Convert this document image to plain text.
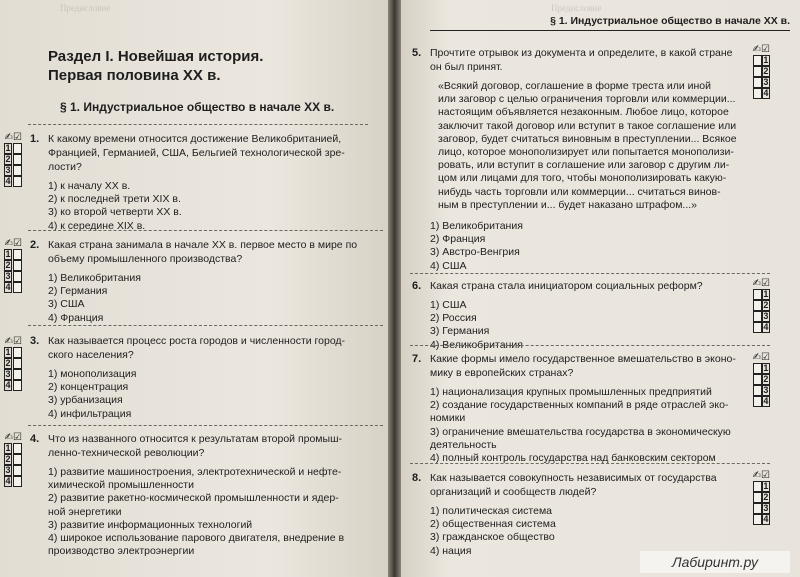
Предисловие
Раздел I. Новейшая история.
Первая половина XX в.
§ 1. Индустриальное общество в начале XX в.
Предисловие
§ 1. Индустриальное общество в начале XX в.
1. К какому времени относится достижение Великобританией,
Францией, Германией, США, Бельгией технологической зре-
лости?
1) к началу XX в.
2) к последней трети XIX в.
3) ко второй четверти XX в.
4) к середине XIX в.
✍☑
1
2
3
4
2. Какая страна занимала в начале XX в. первое место в мире по
объему промышленного производства?
1) Великобритания
2) Германия
3) США
4) Франция
✍☑
1
2
3
4
3. Как называется процесс роста городов и численности город-
ского населения?
1) монополизация
2) концентрация
3) урбанизация
4) инфильтрация
✍☑
1
2
3
4
4. Что из названного относится к результатам второй промыш-
ленно-технической революции?
1) развитие машиностроения, электротехнической и нефте-
химической промышленности
2) развитие ракетно-космической промышленности и ядер-
ной энергетики
3) развитие информационных технологий
4) широкое использование парового двигателя, внедрение в
производство электроэнергии
✍☑
1
2
3
4
5. Прочтите отрывок из документа и определите, в какой стране
он был принят.
«Всякий договор, соглашение в форме треста или иной
или заговор с целью ограничения торговли или коммерции...
настоящим объявляется незаконным. Любое лицо, которое
заключит такой договор или вступит в такое соглашение или
заговор, будет считаться виновным в преступлении... Всякое
лицо, которое монополизирует или попытается монополизи-
ровать, или вступит в соглашение или заговор с другим ли-
цом или лицами для того, чтобы монополизировать какую-
нибудь часть торговли или коммерции... считаться винов-
ным в преступлении и... будет наказано штрафом...»
1) Великобритания
2) Франция
3) Австро-Венгрия
4) США
✍☑
1
2
3
4
6. Какая страна стала инициатором социальных реформ?
1) США
2) Россия
3) Германия
4) Великобритания
✍☑
1
2
3
4
7. Какие формы имело государственное вмешательство в эконо-
мику в европейских странах?
1) национализация крупных промышленных предприятий
2) создание государственных компаний в ряде отраслей эко-
номики
3) ограничение вмешательства государства в экономическую
деятельность
4) полный контроль государства над банковским сектором
✍☑
1
2
3
4
8. Как называется совокупность независимых от государства
организаций и сообществ людей?
1) политическая система
2) общественная система
3) гражданское общество
4) нация
✍☑
1
2
3
4
Лабиринт.ру
